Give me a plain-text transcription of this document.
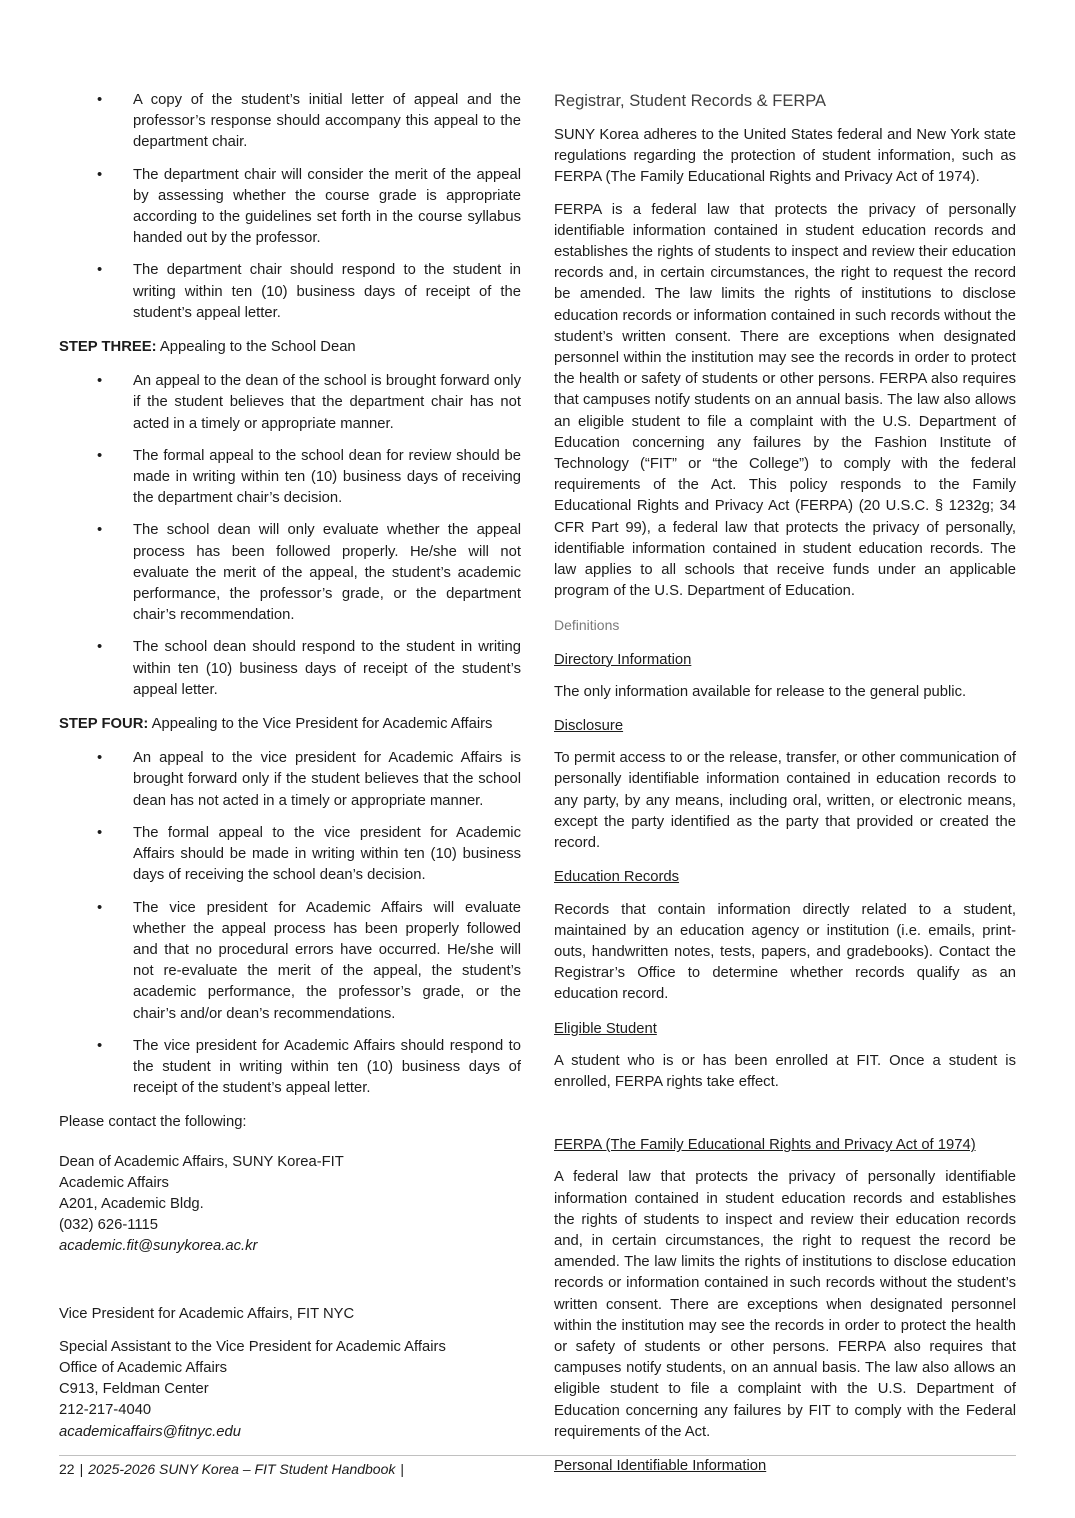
• A copy of the student’s initial letter of appeal and the professor’s response should accompany this appeal to the department chair.
• The department chair will consider the merit of the appeal by assessing whether the course grade is appropriate according to the guidelines set forth in the course syllabus handed out by the professor.
• The department chair should respond to the student in writing within ten (10) business days of receipt of the student’s appeal letter.
STEP THREE: Appealing to the School Dean
• An appeal to the dean of the school is brought forward only if the student believes that the department chair has not acted in a timely or appropriate manner.
• The formal appeal to the school dean for review should be made in writing within ten (10) business days of receiving the department chair’s decision.
• The school dean will only evaluate whether the appeal process has been followed properly. He/she will not evaluate the merit of the appeal, the student’s academic performance, the professor’s grade, or the department chair’s recommendation.
• The school dean should respond to the student in writing within ten (10) business days of receipt of the student’s appeal letter.
STEP FOUR: Appealing to the Vice President for Academic Affairs
• An appeal to the vice president for Academic Affairs is brought forward only if the student believes that the school dean has not acted in a timely or appropriate manner.
• The formal appeal to the vice president for Academic Affairs should be made in writing within ten (10) business days of receiving the school dean’s decision.
• The vice president for Academic Affairs will evaluate whether the appeal process has been properly followed and that no procedural errors have occurred. He/she will not re-evaluate the merit of the appeal, the student’s academic performance, the professor’s grade, or the chair’s and/or dean’s recommendations.
• The vice president for Academic Affairs should respond to the student in writing within ten (10) business days of receipt of the student’s appeal letter.
Please contact the following:
Dean of Academic Affairs, SUNY Korea-FIT
Academic Affairs
A201, Academic Bldg.
(032) 626-1115
academic.fit@sunykorea.ac.kr
Vice President for Academic Affairs, FIT NYC
Special Assistant to the Vice President for Academic Affairs
Office of Academic Affairs
C913, Feldman Center
212-217-4040
academicaffairs@fitnyc.edu
Registrar, Student Records & FERPA
SUNY Korea adheres to the United States federal and New York state regulations regarding the protection of student information, such as FERPA (The Family Educational Rights and Privacy Act of 1974).
FERPA is a federal law that protects the privacy of personally identifiable information contained in student education records and establishes the rights of students to inspect and review their education records and, in certain circumstances, the right to request the record be amended. The law limits the rights of institutions to disclose education records or information contained in such records without the student’s written consent. There are exceptions when designated personnel within the institution may see the records in order to protect the health or safety of students or other persons. FERPA also requires that campuses notify students on an annual basis. The law also allows an eligible student to file a complaint with the U.S. Department of Education concerning any failures by the Fashion Institute of Technology (“FIT” or “the College”) to comply with the federal requirements of the Act. This policy responds to the Family Educational Rights and Privacy Act (FERPA) (20 U.S.C. § 1232g; 34 CFR Part 99), a federal law that protects the privacy of personally, identifiable information contained in student education records. The law applies to all schools that receive funds under an applicable program of the U.S. Department of Education.
Definitions
Directory Information
The only information available for release to the general public.
Disclosure
To permit access to or the release, transfer, or other communication of personally identifiable information contained in education records to any party, by any means, including oral, written, or electronic means, except the party identified as the party that provided or created the record.
Education Records
Records that contain information directly related to a student, maintained by an education agency or institution (i.e. emails, print-outs, handwritten notes, tests, papers, and gradebooks). Contact the Registrar’s Office to determine whether records qualify as an education record.
Eligible Student
A student who is or has been enrolled at FIT. Once a student is enrolled, FERPA rights take effect.
FERPA (The Family Educational Rights and Privacy Act of 1974)
A federal law that protects the privacy of personally identifiable information contained in student education records and establishes the rights of students to inspect and review their education records and, in certain circumstances, the right to request the record be amended. The law limits the rights of institutions to disclose education records or information contained in such records without the student’s written consent. There are exceptions when designated personnel within the institution may see the records in order to protect the health or safety of students or other persons. FERPA also requires that campuses notify students, on an annual basis. The law also allows an eligible student to file a complaint with the U.S. Department of Education concerning any failures by FIT to comply with the Federal requirements of the Act.
Personal Identifiable Information
22 | 2025-2026 SUNY Korea – FIT Student Handbook |
